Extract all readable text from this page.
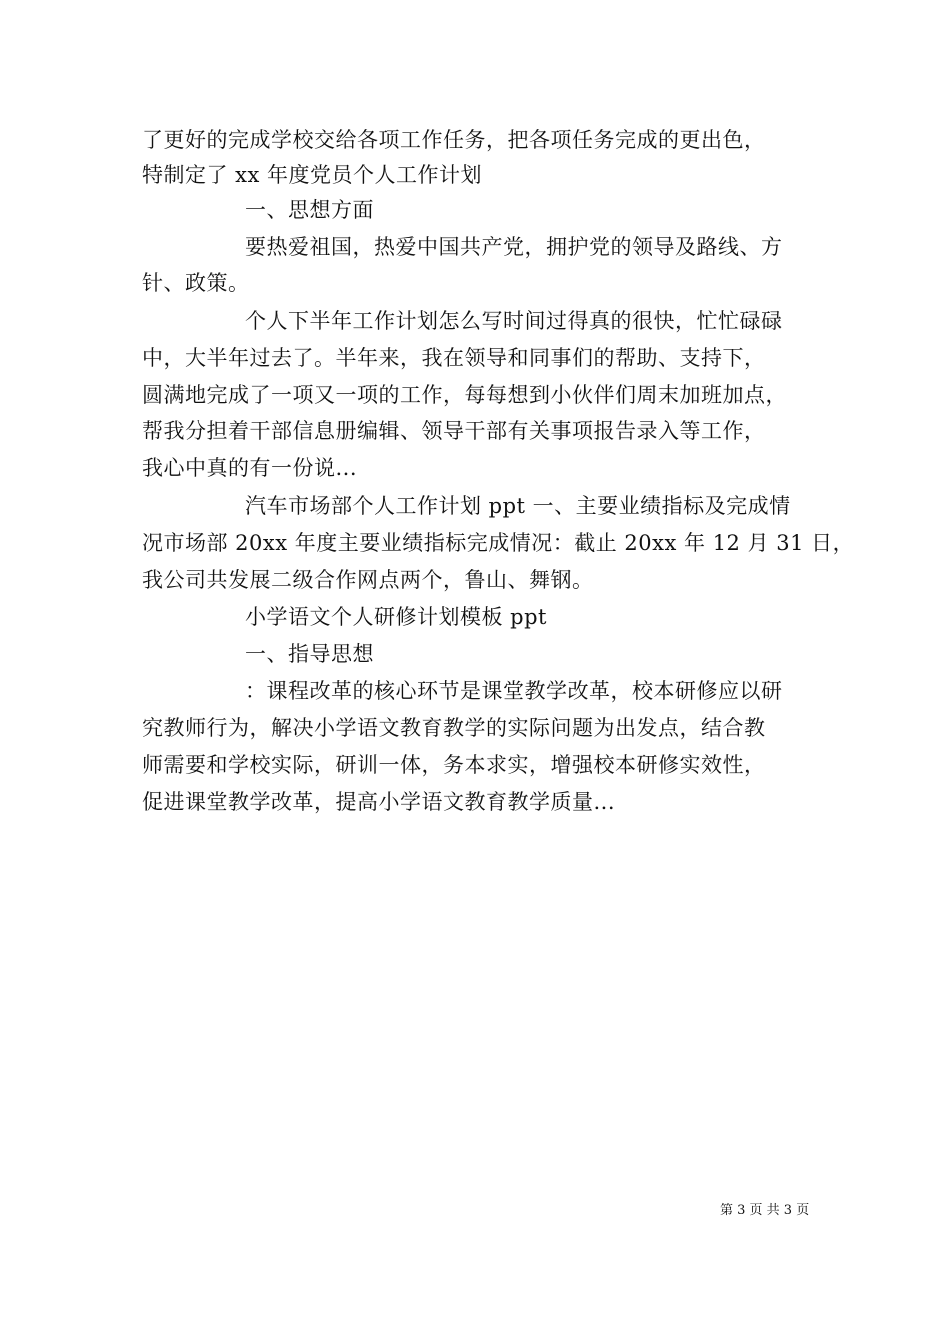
了更好的完成学校交给各项工作任务，把各项任务完成的更出色，
特制定了 xx 年度党员个人工作计划
一、思想方面
要热爱祖国，热爱中国共产党，拥护党的领导及路线、方
针、政策。
个人下半年工作计划怎么写时间过得真的很快，忙忙碌碌
中，大半年过去了。半年来，我在领导和同事们的帮助、支持下，
圆满地完成了一项又一项的工作，每每想到小伙伴们周末加班加点，
帮我分担着干部信息册编辑、领导干部有关事项报告录入等工作，
我心中真的有一份说...
汽车市场部个人工作计划 ppt 一、主要业绩指标及完成情
况市场部 20xx 年度主要业绩指标完成情况：截止 20xx 年 12 月 31 日，
我公司共发展二级合作网点两个，鲁山、舞钢。
小学语文个人研修计划模板 ppt
一、指导思想
：课程改革的核心环节是课堂教学改革，校本研修应以研
究教师行为，解决小学语文教育教学的实际问题为出发点，结合教
师需要和学校实际，研训一体，务本求实，增强校本研修实效性，
促进课堂教学改革，提高小学语文教育教学质量...
第 3 页 共 3 页
